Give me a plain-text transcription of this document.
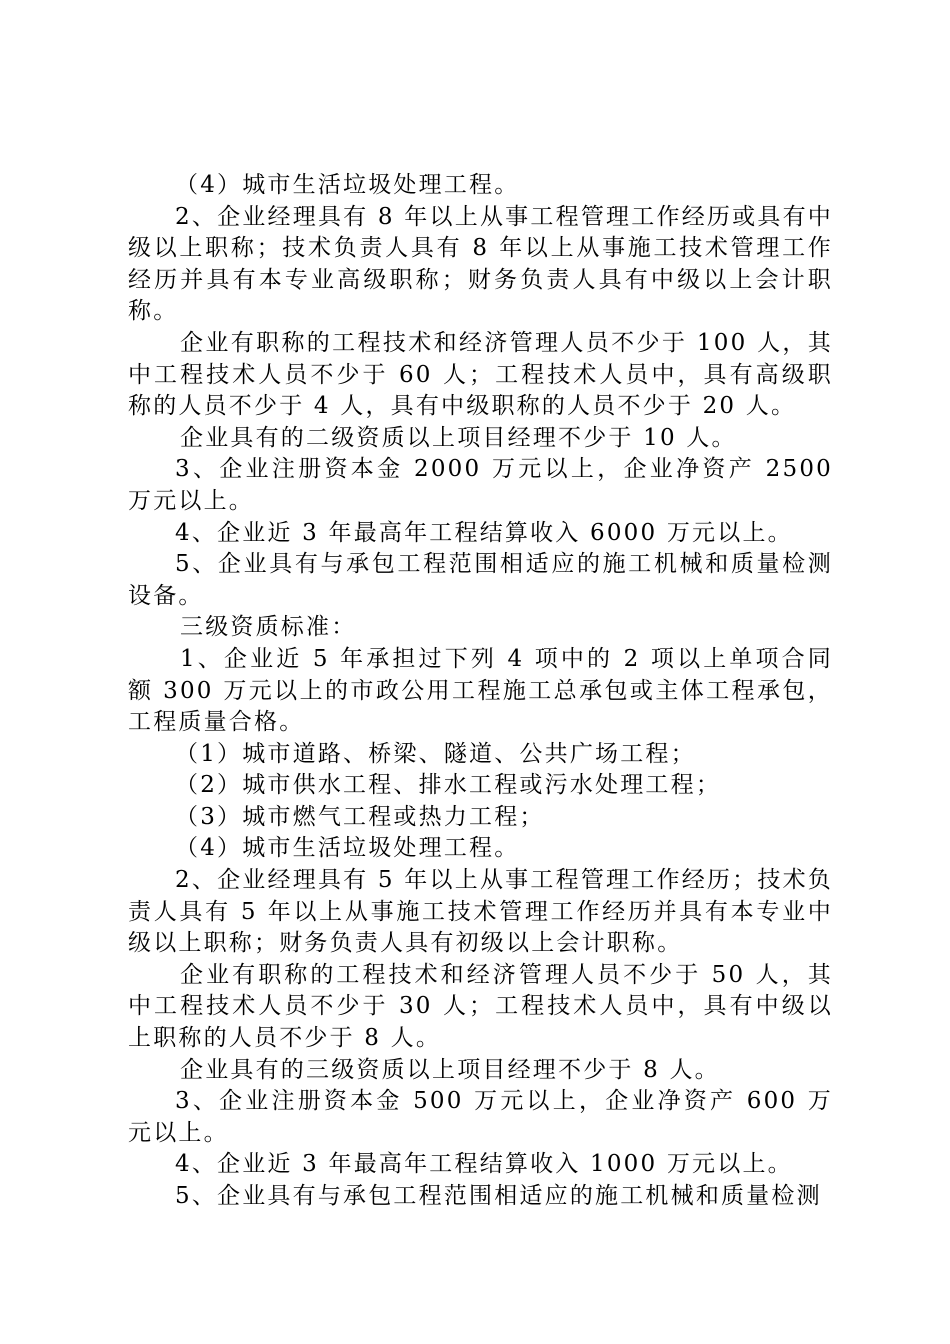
（4）城市生活垃圾处理工程。

2、企业经理具有 8 年以上从事工程管理工作经历或具有中级以上职称；技术负责人具有 8 年以上从事施工技术管理工作经历并具有本专业高级职称；财务负责人具有中级以上会计职称。

企业有职称的工程技术和经济管理人员不少于 100 人，其中工程技术人员不少于 60 人；工程技术人员中，具有高级职称的人员不少于 4 人，具有中级职称的人员不少于 20 人。

企业具有的二级资质以上项目经理不少于 10 人。

3、企业注册资本金 2000 万元以上，企业净资产 2500 万元以上。

4、企业近 3 年最高年工程结算收入 6000 万元以上。

5、企业具有与承包工程范围相适应的施工机械和质量检测设备。

三级资质标准：

1、企业近 5 年承担过下列 4 项中的 2 项以上单项合同额 300 万元以上的市政公用工程施工总承包或主体工程承包，工程质量合格。

（1）城市道路、桥梁、隧道、公共广场工程；

（2）城市供水工程、排水工程或污水处理工程；

（3）城市燃气工程或热力工程；

（4）城市生活垃圾处理工程。

2、企业经理具有 5 年以上从事工程管理工作经历；技术负责人具有 5 年以上从事施工技术管理工作经历并具有本专业中级以上职称；财务负责人具有初级以上会计职称。

企业有职称的工程技术和经济管理人员不少于 50 人，其中工程技术人员不少于 30 人；工程技术人员中，具有中级以上职称的人员不少于 8 人。

企业具有的三级资质以上项目经理不少于 8 人。

3、企业注册资本金 500 万元以上，企业净资产 600 万元以上。

4、企业近 3 年最高年工程结算收入 1000 万元以上。

5、企业具有与承包工程范围相适应的施工机械和质量检测
